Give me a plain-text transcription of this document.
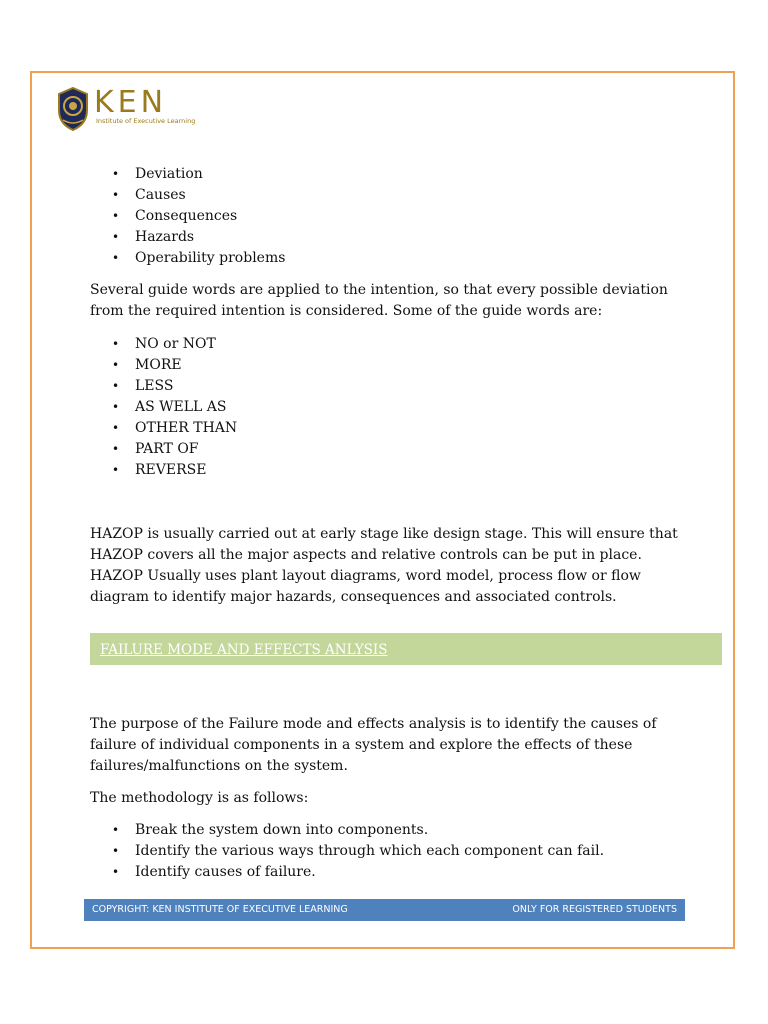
KEN
Institute of Executive Learning
• Deviation
• Causes
• Consequences
• Hazards
• Operability problems

Several guide words are applied to the intention, so that every possible deviation from the required intention is considered. Some of the guide words are:

• NO or NOT
• MORE
• LESS
• AS WELL AS
• OTHER THAN
• PART OF
• REVERSE

HAZOP is usually carried out at early stage like design stage. This will ensure that HAZOP covers all the major aspects and relative controls can be put in place. HAZOP Usually uses plant layout diagrams, word model, process flow or flow diagram to identify major hazards, consequences and associated controls.

FAILURE MODE AND EFFECTS ANLYSIS

The purpose of the Failure mode and effects analysis is to identify the causes of failure of individual components in a system and explore the effects of these failures/malfunctions on the system.

The methodology is as follows:

• Break the system down into components.
• Identify the various ways through which each component can fail.
• Identify causes of failure.
COPYRIGHT: KEN INSTITUTE OF EXECUTIVE LEARNING	ONLY FOR REGISTERED STUDENTS
